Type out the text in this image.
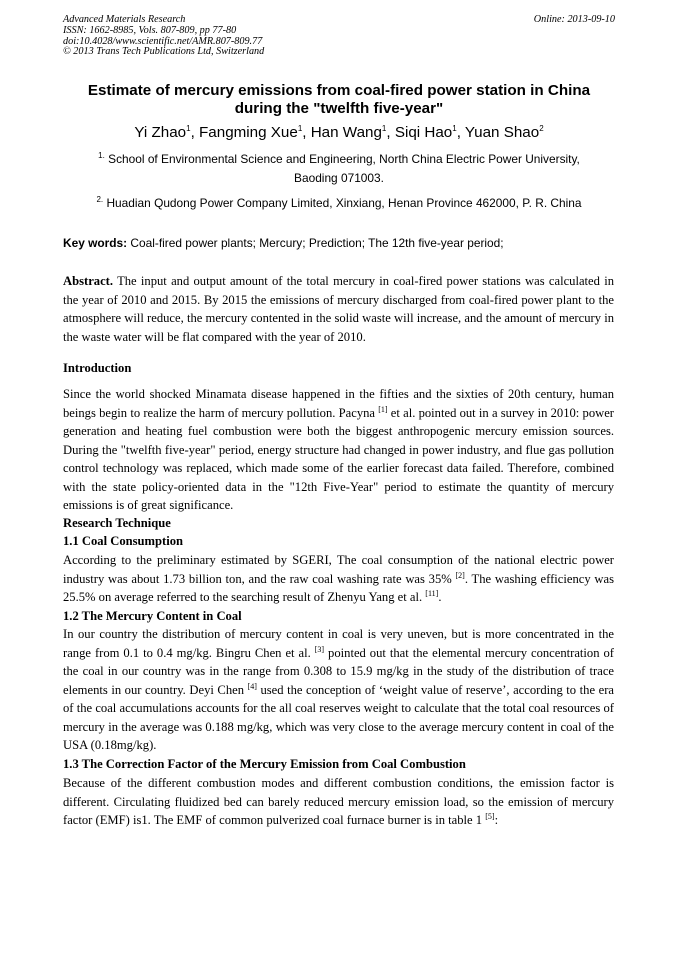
Advanced Materials Research
ISSN: 1662-8985, Vols. 807-809, pp 77-80
doi:10.4028/www.scientific.net/AMR.807-809.77
© 2013 Trans Tech Publications Ltd, Switzerland
Online: 2013-09-10
Estimate of mercury emissions from coal-fired power station in China
during the "twelfth five-year"
Yi Zhao$^1$, Fangming Xue$^1$, Han Wang$^1$, Siqi Hao$^1$, Yuan Shao$^2$
$^{1.}$ School of Environmental Science and Engineering, North China Electric Power University,
Baoding 071003.
$^{2.}$ Huadian Qudong Power Company Limited, Xinxiang, Henan Province 462000, P. R. China
Key words: Coal-fired power plants; Mercury; Prediction; The 12th five-year period;
Abstract. The input and output amount of the total mercury in coal-fired power stations was calculated in the year of 2010 and 2015. By 2015 the emissions of mercury discharged from coal-fired power plant to the atmosphere will reduce, the mercury contented in the solid waste will increase, and the amount of mercury in the waste water will be flat compared with the year of 2010.
Introduction
Since the world shocked Minamata disease happened in the fifties and the sixties of 20th century, human beings begin to realize the harm of mercury pollution. Pacyna [1] et al. pointed out in a survey in 2010: power generation and heating fuel combustion were both the biggest anthropogenic mercury emission sources. During the "twelfth five-year" period, energy structure had changed in power industry, and flue gas pollution control technology was replaced, which made some of the earlier forecast data failed. Therefore, combined with the state policy-oriented data in the "12th Five-Year" period to estimate the quantity of mercury emissions is of great significance.
Research Technique
1.1 Coal Consumption
According to the preliminary estimated by SGERI, The coal consumption of the national electric power industry was about 1.73 billion ton, and the raw coal washing rate was 35% [2]. The washing efficiency was 25.5% on average referred to the searching result of Zhenyu Yang et al. [11].
1.2 The Mercury Content in Coal
In our country the distribution of mercury content in coal is very uneven, but is more concentrated in the range from 0.1 to 0.4 mg/kg. Bingru Chen et al. [3] pointed out that the elemental mercury concentration of the coal in our country was in the range from 0.308 to 15.9 mg/kg in the study of the distribution of trace elements in our country. Deyi Chen [4] used the conception of ‘weight value of reserve’, according to the era of the coal accumulations accounts for the all coal reserves weight to calculate that the total coal resources of mercury in the average was 0.188 mg/kg, which was very close to the average mercury content in coal of the USA (0.18mg/kg).
1.3 The Correction Factor of the Mercury Emission from Coal Combustion
Because of the different combustion modes and different combustion conditions, the emission factor is different. Circulating fluidized bed can barely reduced mercury emission load, so the emission of mercury factor (EMF) is1. The EMF of common pulverized coal furnace burner is in table 1 [5]:
